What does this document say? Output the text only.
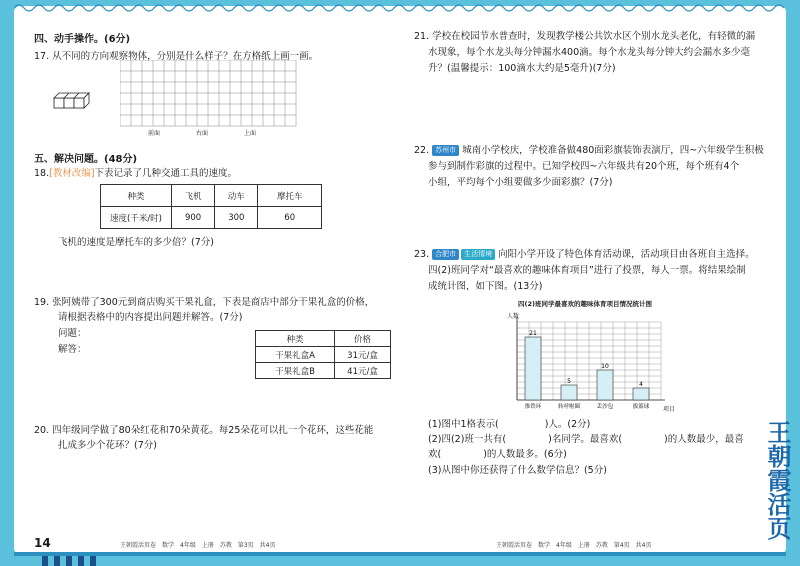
四、动手操作。(6分)
17. 从不同的方向观察物体，分别是什么样子？在方格纸上画一画。
前面	右面	上面
五、解决问题。(48分)
18.[教材改编]下表记录了几种交通工具的速度。
种类	飞机	动车	摩托车
速度(千米/时)	900	300	60
飞机的速度是摩托车的多少倍？(7分)
19. 张阿姨带了300元到商店购买干果礼盒，下表是商店中部分干果礼盒的价格，
请根据表格中的内容提出问题并解答。(7分)
问题：
解答：
种类	价格
干果礼盒A	31元/盒
干果礼盒B	41元/盒
20. 四年级同学做了80朵红花和70朵黄花。每25朵花可以扎一个花环，这些花能
扎成多少个花环？(7分)
14	王朝霞活页卷　数学　4年级　上册　苏教　第3页　共4页
21. 学校在校园节水普查时，发现教学楼公共饮水区个别水龙头老化，有轻微的漏
水现象，每个水龙头每分钟漏水400滴。每个水龙头每分钟大约会漏水多少毫
升？(温馨提示：100滴水大约是5毫升)(7分)
22. 苏州市 城南小学校庆，学校准备做480面彩旗装饰表演厅，四~六年级学生积极
参与到制作彩旗的过程中。已知学校四~六年级共有20个班，每个班有4个
小组，平均每个小组要做多少面彩旗？(7分)
23. 合肥市 生活情境 向阳小学开设了特色体育活动课，活动项目由各班自主选择。
四(2)班同学对“最喜欢的趣味体育项目”进行了投票，每人一票。将结果绘制
成统计图，如下图。(13分)
四(2)班同学最喜欢的趣味体育项目情况统计图
人数
项目
21
5
10
4
推铁环	转呼啦圈	丢沙包	拔篮球
(1)图中1格表示(	)人。(2分)
(2)四(2)班一共有(	)名同学。最喜欢(	)的人数最少，最喜
欢(	)的人数最多。(6分)
(3)从图中你还获得了什么数学信息？(5分)
王朝霞活页卷　数学　4年级　上册　苏教　第4页　共4页
王朝霞活页
